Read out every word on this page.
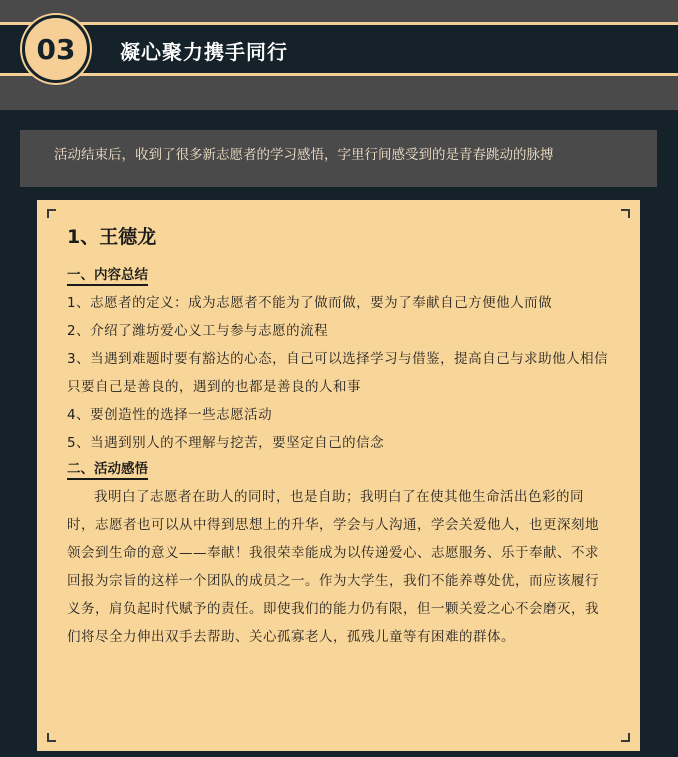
03	凝心聚力携手同行
活动结束后，收到了很多新志愿者的学习感悟，字里行间感受到的是青春跳动的脉搏
1、王德龙
一、内容总结

1、志愿者的定义：成为志愿者不能为了做而做，要为了奉献自己方便他人而做

2、介绍了潍坊爱心义工与参与志愿的流程

3、当遇到难题时要有豁达的心态，自己可以选择学习与借鉴，提高自己与求助他人相信只要自己是善良的，遇到的也都是善良的人和事

4、要创造性的选择一些志愿活动

5、当遇到别人的不理解与挖苦，要坚定自己的信念

二、活动感悟

我明白了志愿者在助人的同时，也是自助；我明白了在使其他生命活出色彩的同时，志愿者也可以从中得到思想上的升华，学会与人沟通，学会关爱他人，也更深刻地领会到生命的意义——奉献！我很荣幸能成为以传递爱心、志愿服务、乐于奉献、不求回报为宗旨的这样一个团队的成员之一。作为大学生，我们不能养尊处优，而应该履行义务，肩负起时代赋予的责任。即使我们的能力仍有限，但一颗关爱之心不会磨灭，我们将尽全力伸出双手去帮助、关心孤寡老人，孤残儿童等有困难的群体。
